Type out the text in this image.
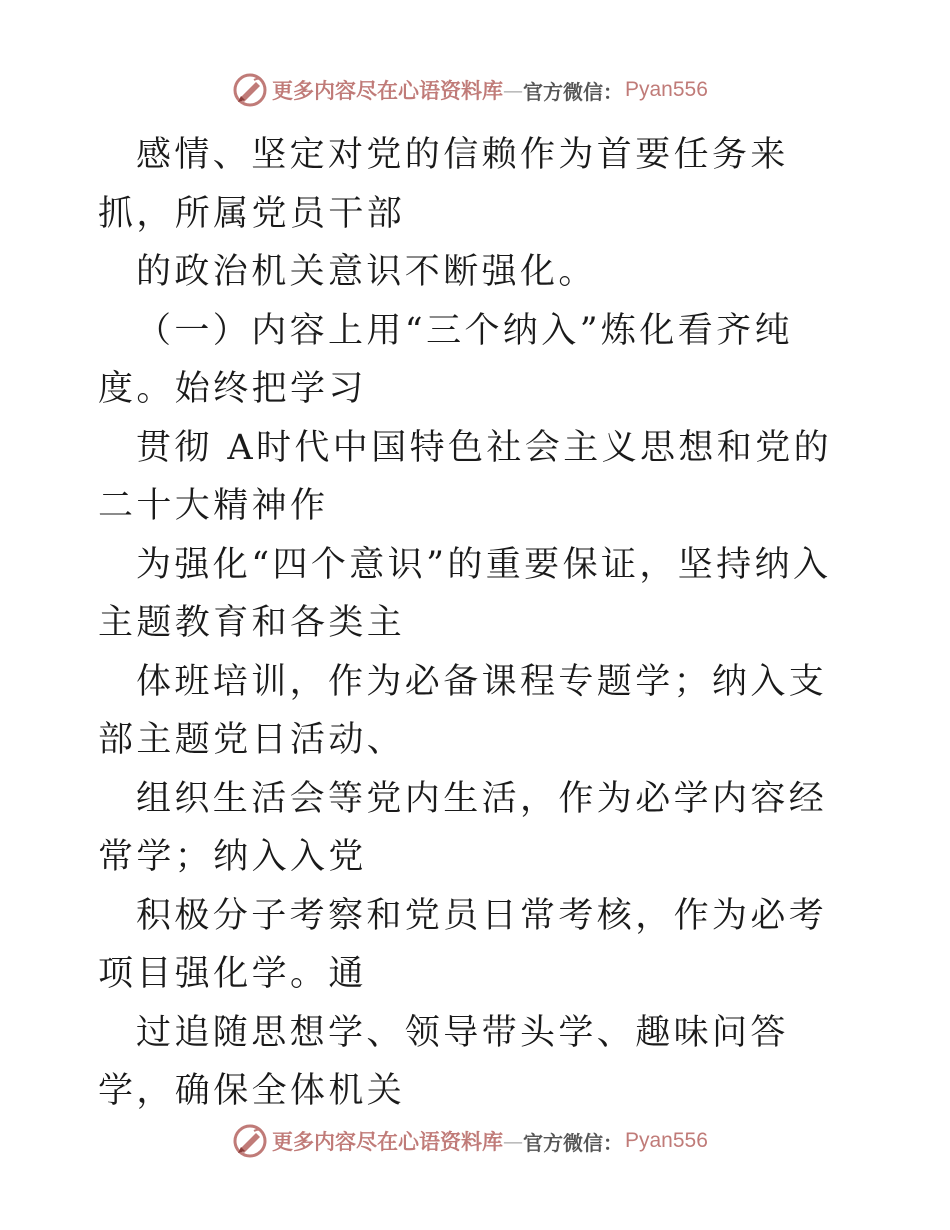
更多内容尽在心语资料库 — 官方微信： Pyan556

感情、坚定对党的信赖作为首要任务来抓，所属党员干部

的政治机关意识不断强化。

（一）内容上用“三个纳入”炼化看齐纯度。始终把学习

贯彻 A时代中国特色社会主义思想和党的二十大精神作

为强化“四个意识”的重要保证，坚持纳入主题教育和各类主

体班培训，作为必备课程专题学；纳入支部主题党日活动、

组织生活会等党内生活，作为必学内容经常学；纳入入党

积极分子考察和党员日常考核，作为必考项目强化学。通

过追随思想学、领导带头学、趣味问答学，确保全体机关

更多内容尽在心语资料库 — 官方微信： Pyan556
